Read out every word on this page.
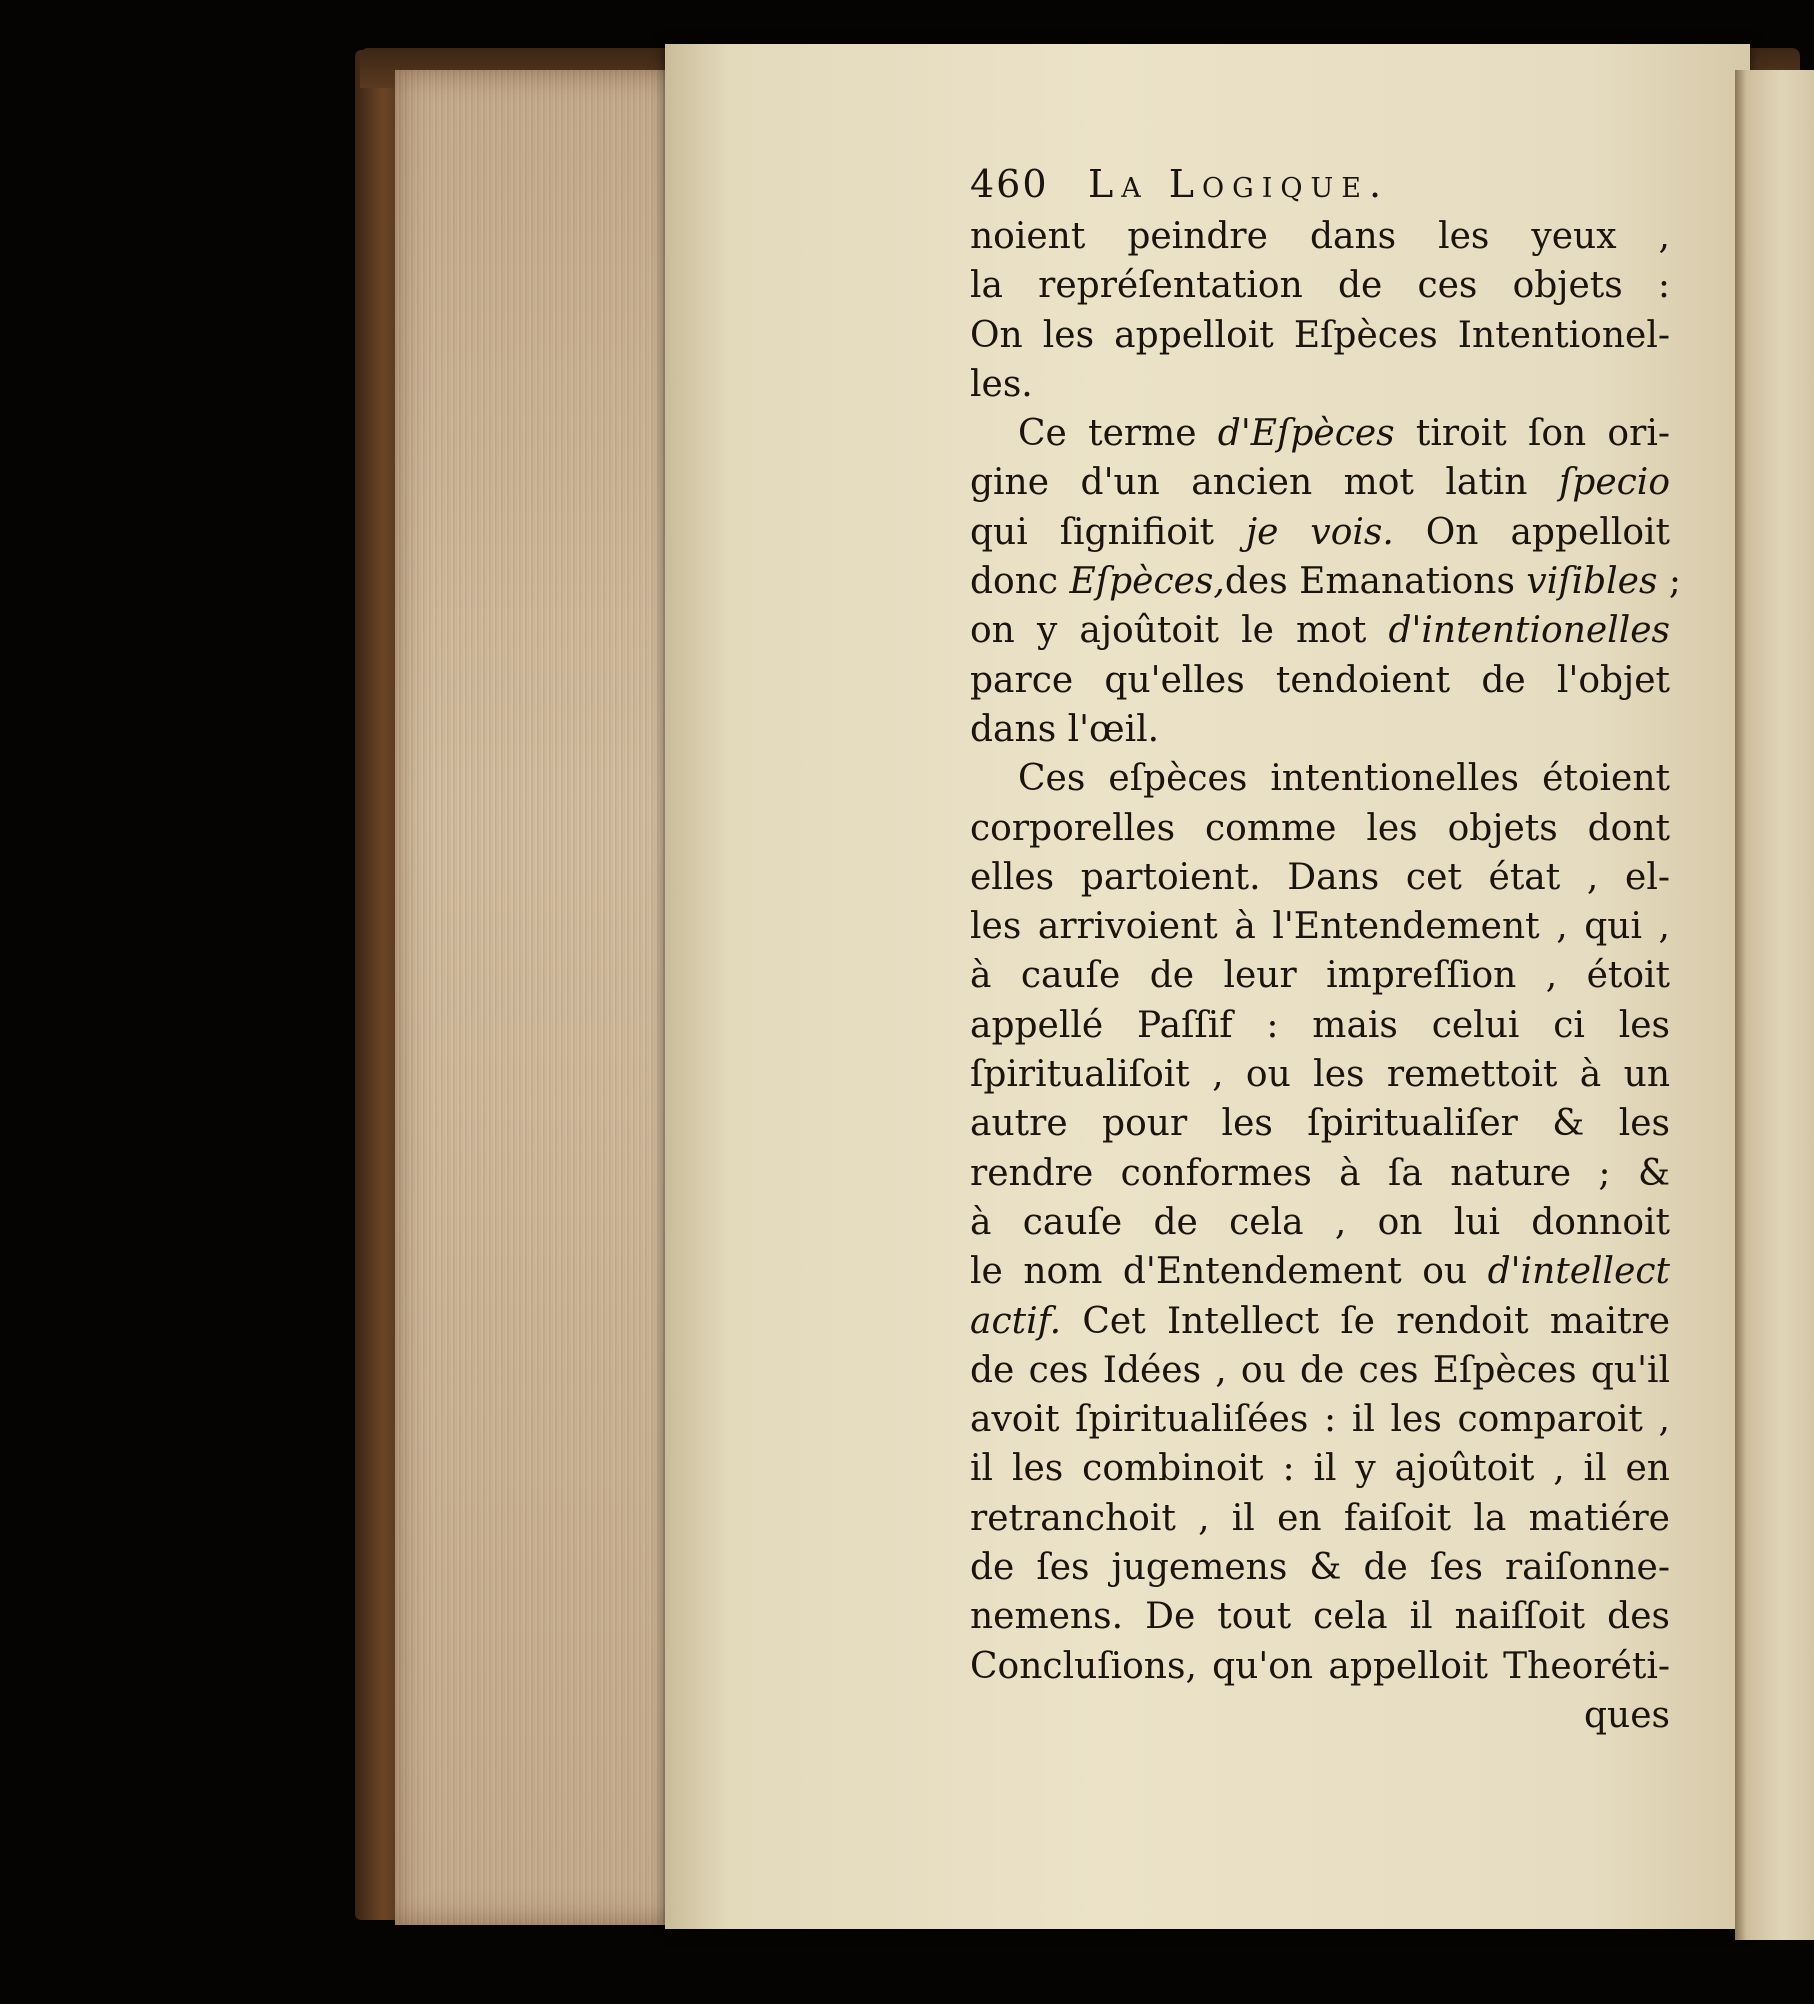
460	La Logique.
noient peindre dans les yeux ,
la repréſentation de ces objets :
On les appelloit Eſpèces Intentionel-
les.
Ce terme d'Eſpèces tiroit ſon ori-
gine d'un ancien mot latin ſpecio
qui ſignifioit je vois. On appelloit
donc Eſpèces,des Emanations viſibles ;
on y ajoûtoit le mot d'intentionelles
parce qu'elles tendoient de l'objet
dans l'œil.
Ces eſpèces intentionelles étoient
corporelles comme les objets dont
elles partoient. Dans cet état , el-
les arrivoient à l'Entendement , qui ,
à cauſe de leur impreſſion , étoit
appellé Paſſif : mais celui ci les
ſpiritualiſoit , ou les remettoit à un
autre pour les ſpiritualiſer & les
rendre conformes à ſa nature ; &
à cauſe de cela , on lui donnoit
le nom d'Entendement ou d'intellect
actif. Cet Intellect ſe rendoit maitre
de ces Idées , ou de ces Eſpèces qu'il
avoit ſpiritualiſées : il les comparoit ,
il les combinoit : il y ajoûtoit , il en
retranchoit , il en faiſoit la matiére
de ſes jugemens & de ſes raiſonne-
nemens. De tout cela il naiſſoit des
Concluſions, qu'on appelloit Theoréti-
ques
